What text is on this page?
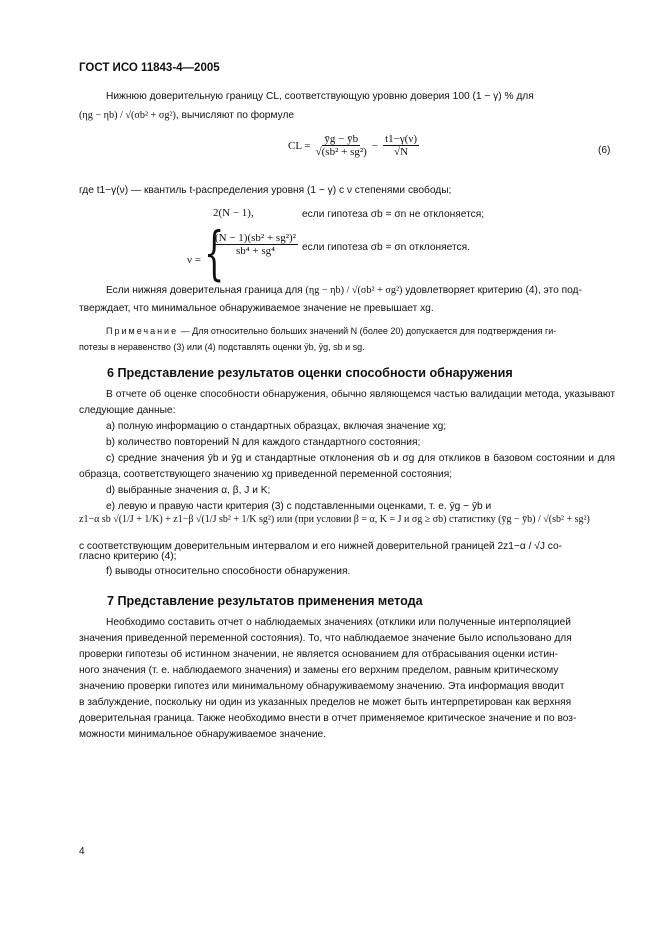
ГОСТ ИСО 11843-4—2005
Нижнюю доверительную границу CL, соответствующую уровню доверия 100 (1 − γ) % для
(ηg − ηb) / √(σb² + σg²), вычисляют по формуле
CL = $\frac{ȳg - ȳb}{\text{√(sb² + sg²)}} - \frac{t1-\gamma(\nu)}{√N}$	(6)
где t1−γ(ν) — квантиль t-распределения уровня (1 − γ) с ν степенями свободы;
ν = {
2(N − 1),	если гипотеза σb = σn не отклоняется;
$\frac{\text{(N − 1)(sb² + sg²)²}}{\text{sb⁴ + sg⁴}}$ если гипотеза σb = σn отклоняется.
Если нижняя доверительная граница для (ηg − ηb) / √(σb² + σg²) удовлетворяет критерию (4), это под-
тверждает, что минимальное обнаруживаемое значение не превышает xg.
Примечание — Для относительно больших значений N (более 20) допускается для подтверждения ги-
потезы в неравенство (3) или (4) подставлять оценки ȳb, ȳg, sb и sg.
6 Представление результатов оценки способности обнаружения
В отчете об оценке способности обнаружения, обычно являющемся частью валидации метода, указывают следующие данные:
a) полную информацию о стандартных образцах, включая значение xg;
b) количество повторений N для каждого стандартного состояния;
c) средние значения ȳb и ȳg и стандартные отклонения σb и σg для откликов в базовом состоянии и для образца, соответствующего значению xg приведенной переменной состояния;
d) выбранные значения α, β, J и K;
e) левую и правую части критерия (3) с подставленными оценками, т. е. ȳg − ȳb и
z1−α sb √(1/J + 1/K) + z1−β √(1/J sb² + 1/K sg²) или (при условии β = α, K = J и σg ≥ σb) статистику (ȳg − ȳb) / √(sb² + sg²)
с соответствующим доверительным интервалом и его нижней доверительной границей 2z1−α / √J со-
гласно критерию (4);
f) выводы относительно способности обнаружения.
7 Представление результатов применения метода
Необходимо составить отчет о наблюдаемых значениях (отклики или полученные интерполяцией
значения приведенной переменной состояния). То, что наблюдаемое значение было использовано для
проверки гипотезы об истинном значении, не является основанием для отбрасывания оценки истин-
ного значения (т. е. наблюдаемого значения) и замены его верхним пределом, равным критическому
значению проверки гипотез или минимальному обнаруживаемому значению. Эта информация вводит
в заблуждение, поскольку ни один из указанных пределов не может быть интерпретирован как верхняя
доверительная граница. Также необходимо внести в отчет применяемое критическое значение и по воз-
можности минимальное обнаруживаемое значение.
4
